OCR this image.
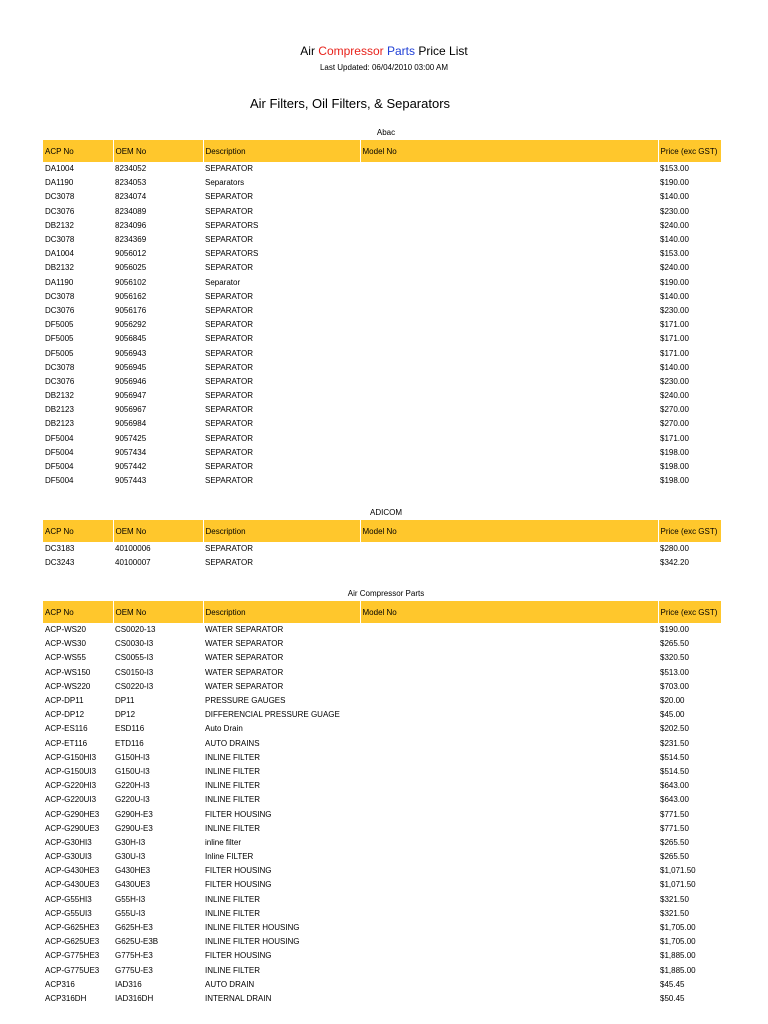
Air Compressor Parts Price List
Last Updated: 06/04/2010 03:00 AM
Air Filters, Oil Filters, & Separators
Abac
ACP No	OEM No	Description	Model No	Price (exc GST)
DA1004	8234052	SEPARATOR		$153.00
DA1190	8234053	Separators		$190.00
DC3078	8234074	SEPARATOR		$140.00
DC3076	8234089	SEPARATOR		$230.00
DB2132	8234096	SEPARATORS		$240.00
DC3078	8234369	SEPARATOR		$140.00
DA1004	9056012	SEPARATORS		$153.00
DB2132	9056025	SEPARATOR		$240.00
DA1190	9056102	Separator		$190.00
DC3078	9056162	SEPARATOR		$140.00
DC3076	9056176	SEPARATOR		$230.00
DF5005	9056292	SEPARATOR		$171.00
DF5005	9056845	SEPARATOR		$171.00
DF5005	9056943	SEPARATOR		$171.00
DC3078	9056945	SEPARATOR		$140.00
DC3076	9056946	SEPARATOR		$230.00
DB2132	9056947	SEPARATOR		$240.00
DB2123	9056967	SEPARATOR		$270.00
DB2123	9056984	SEPARATOR		$270.00
DF5004	9057425	SEPARATOR		$171.00
DF5004	9057434	SEPARATOR		$198.00
DF5004	9057442	SEPARATOR		$198.00
DF5004	9057443	SEPARATOR		$198.00
ADICOM
ACP No	OEM No	Description	Model No	Price (exc GST)
DC3183	40100006	SEPARATOR		$280.00
DC3243	40100007	SEPARATOR		$342.20
Air Compressor Parts
ACP No	OEM No	Description	Model No	Price (exc GST)
ACP-WS20	CS0020-13	WATER SEPARATOR		$190.00
ACP-WS30	CS0030-I3	WATER SEPARATOR		$265.50
ACP-WS55	CS0055-I3	WATER SEPARATOR		$320.50
ACP-WS150	CS0150-I3	WATER SEPARATOR		$513.00
ACP-WS220	CS0220-I3	WATER SEPARATOR		$703.00
ACP-DP11	DP11	PRESSURE GAUGES		$20.00
ACP-DP12	DP12	DIFFERENCIAL PRESSURE GUAGE		$45.00
ACP-ES116	ESD116	Auto Drain		$202.50
ACP-ET116	ETD116	AUTO DRAINS		$231.50
ACP-G150HI3	G150H-I3	INLINE FILTER		$514.50
ACP-G150UI3	G150U-I3	INLINE FILTER		$514.50
ACP-G220HI3	G220H-I3	INLINE FILTER		$643.00
ACP-G220UI3	G220U-I3	INLINE FILTER		$643.00
ACP-G290HE3	G290H-E3	FILTER HOUSING		$771.50
ACP-G290UE3	G290U-E3	INLINE FILTER		$771.50
ACP-G30HI3	G30H-I3	inline filter		$265.50
ACP-G30UI3	G30U-I3	Inline FILTER		$265.50
ACP-G430HE3	G430HE3	FILTER HOUSING		$1,071.50
ACP-G430UE3	G430UE3	FILTER HOUSING		$1,071.50
ACP-G55HI3	G55H-I3	INLINE FILTER		$321.50
ACP-G55UI3	G55U-I3	INLINE FILTER		$321.50
ACP-G625HE3	G625H-E3	INLINE FILTER HOUSING		$1,705.00
ACP-G625UE3	G625U-E3B	INLINE FILTER HOUSING		$1,705.00
ACP-G775HE3	G775H-E3	FILTER HOUSING		$1,885.00
ACP-G775UE3	G775U-E3	INLINE FILTER		$1,885.00
ACP316	IAD316	AUTO DRAIN		$45.45
ACP316DH	IAD316DH	INTERNAL DRAIN		$50.45
